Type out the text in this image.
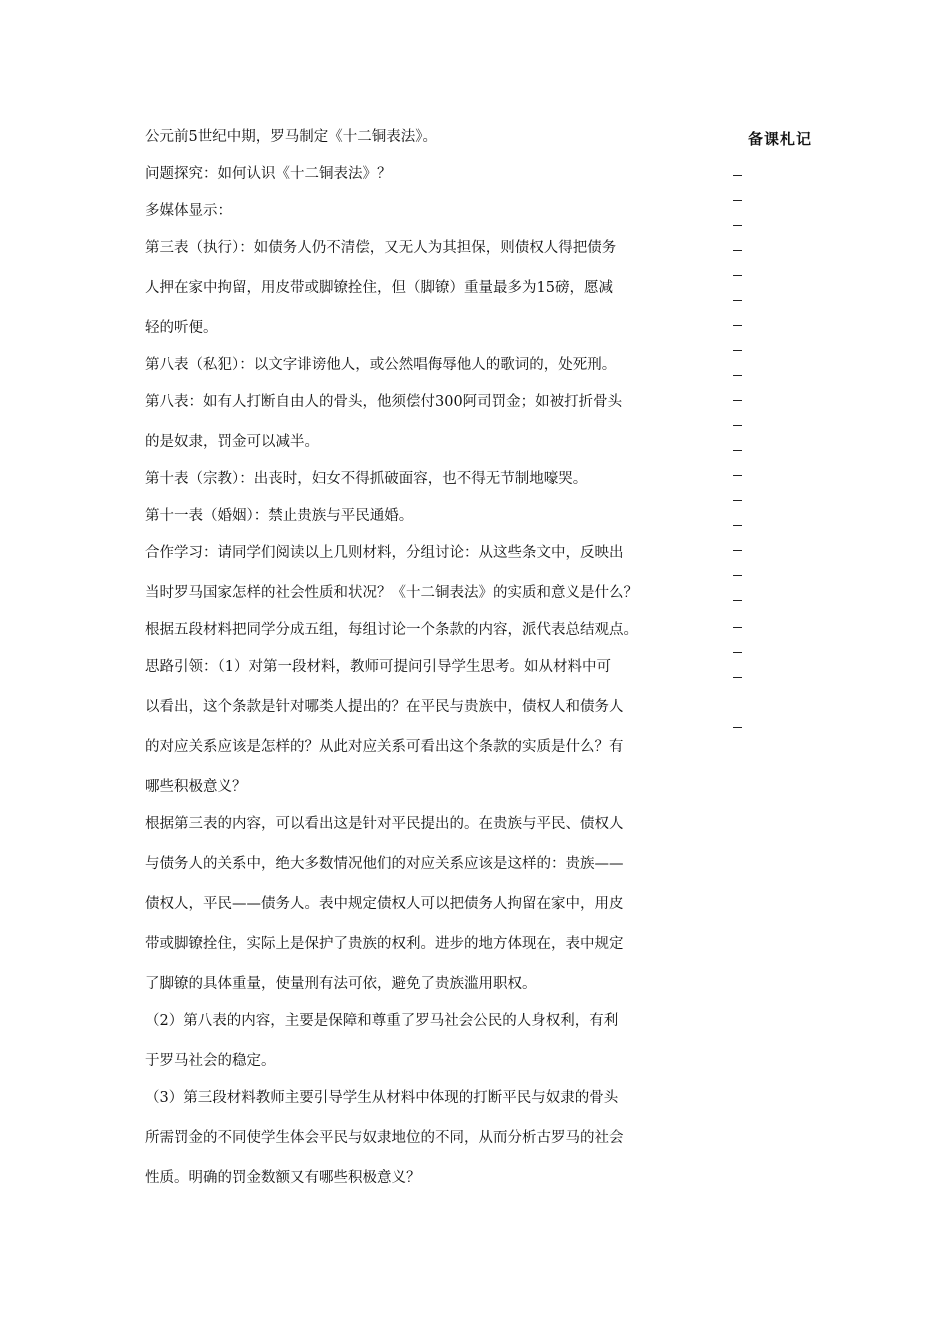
公元前5世纪中期，罗马制定《十二铜表法》。

问题探究：如何认识《十二铜表法》？

多媒体显示：

第三表（执行）：如债务人仍不清偿，又无人为其担保，则债权人得把债务

人押在家中拘留，用皮带或脚镣拴住，但（脚镣）重量最多为15磅，愿减

轻的听便。

第八表（私犯）：以文字诽谤他人，或公然唱侮辱他人的歌词的，处死刑。

第八表：如有人打断自由人的骨头，他须偿付300阿司罚金；如被打折骨头

的是奴隶，罚金可以减半。

第十表（宗教）：出丧时，妇女不得抓破面容，也不得无节制地嚎哭。

第十一表（婚姻）：禁止贵族与平民通婚。

合作学习：请同学们阅读以上几则材料，分组讨论：从这些条文中，反映出

当时罗马国家怎样的社会性质和状况？《十二铜表法》的实质和意义是什么？

根据五段材料把同学分成五组，每组讨论一个条款的内容，派代表总结观点。

思路引领：（1）对第一段材料，教师可提问引导学生思考。如从材料中可

以看出，这个条款是针对哪类人提出的？在平民与贵族中，债权人和债务人

的对应关系应该是怎样的？从此对应关系可看出这个条款的实质是什么？有

哪些积极意义？

根据第三表的内容，可以看出这是针对平民提出的。在贵族与平民、债权人

与债务人的关系中，绝大多数情况他们的对应关系应该是这样的：贵族——

债权人，平民——债务人。表中规定债权人可以把债务人拘留在家中，用皮

带或脚镣拴住，实际上是保护了贵族的权利。进步的地方体现在，表中规定

了脚镣的具体重量，使量刑有法可依，避免了贵族滥用职权。

（2）第八表的内容，主要是保障和尊重了罗马社会公民的人身权利，有利

于罗马社会的稳定。

（3）第三段材料教师主要引导学生从材料中体现的打断平民与奴隶的骨头

所需罚金的不同使学生体会平民与奴隶地位的不同，从而分析古罗马的社会

性质。明确的罚金数额又有哪些积极意义？

备课札记
